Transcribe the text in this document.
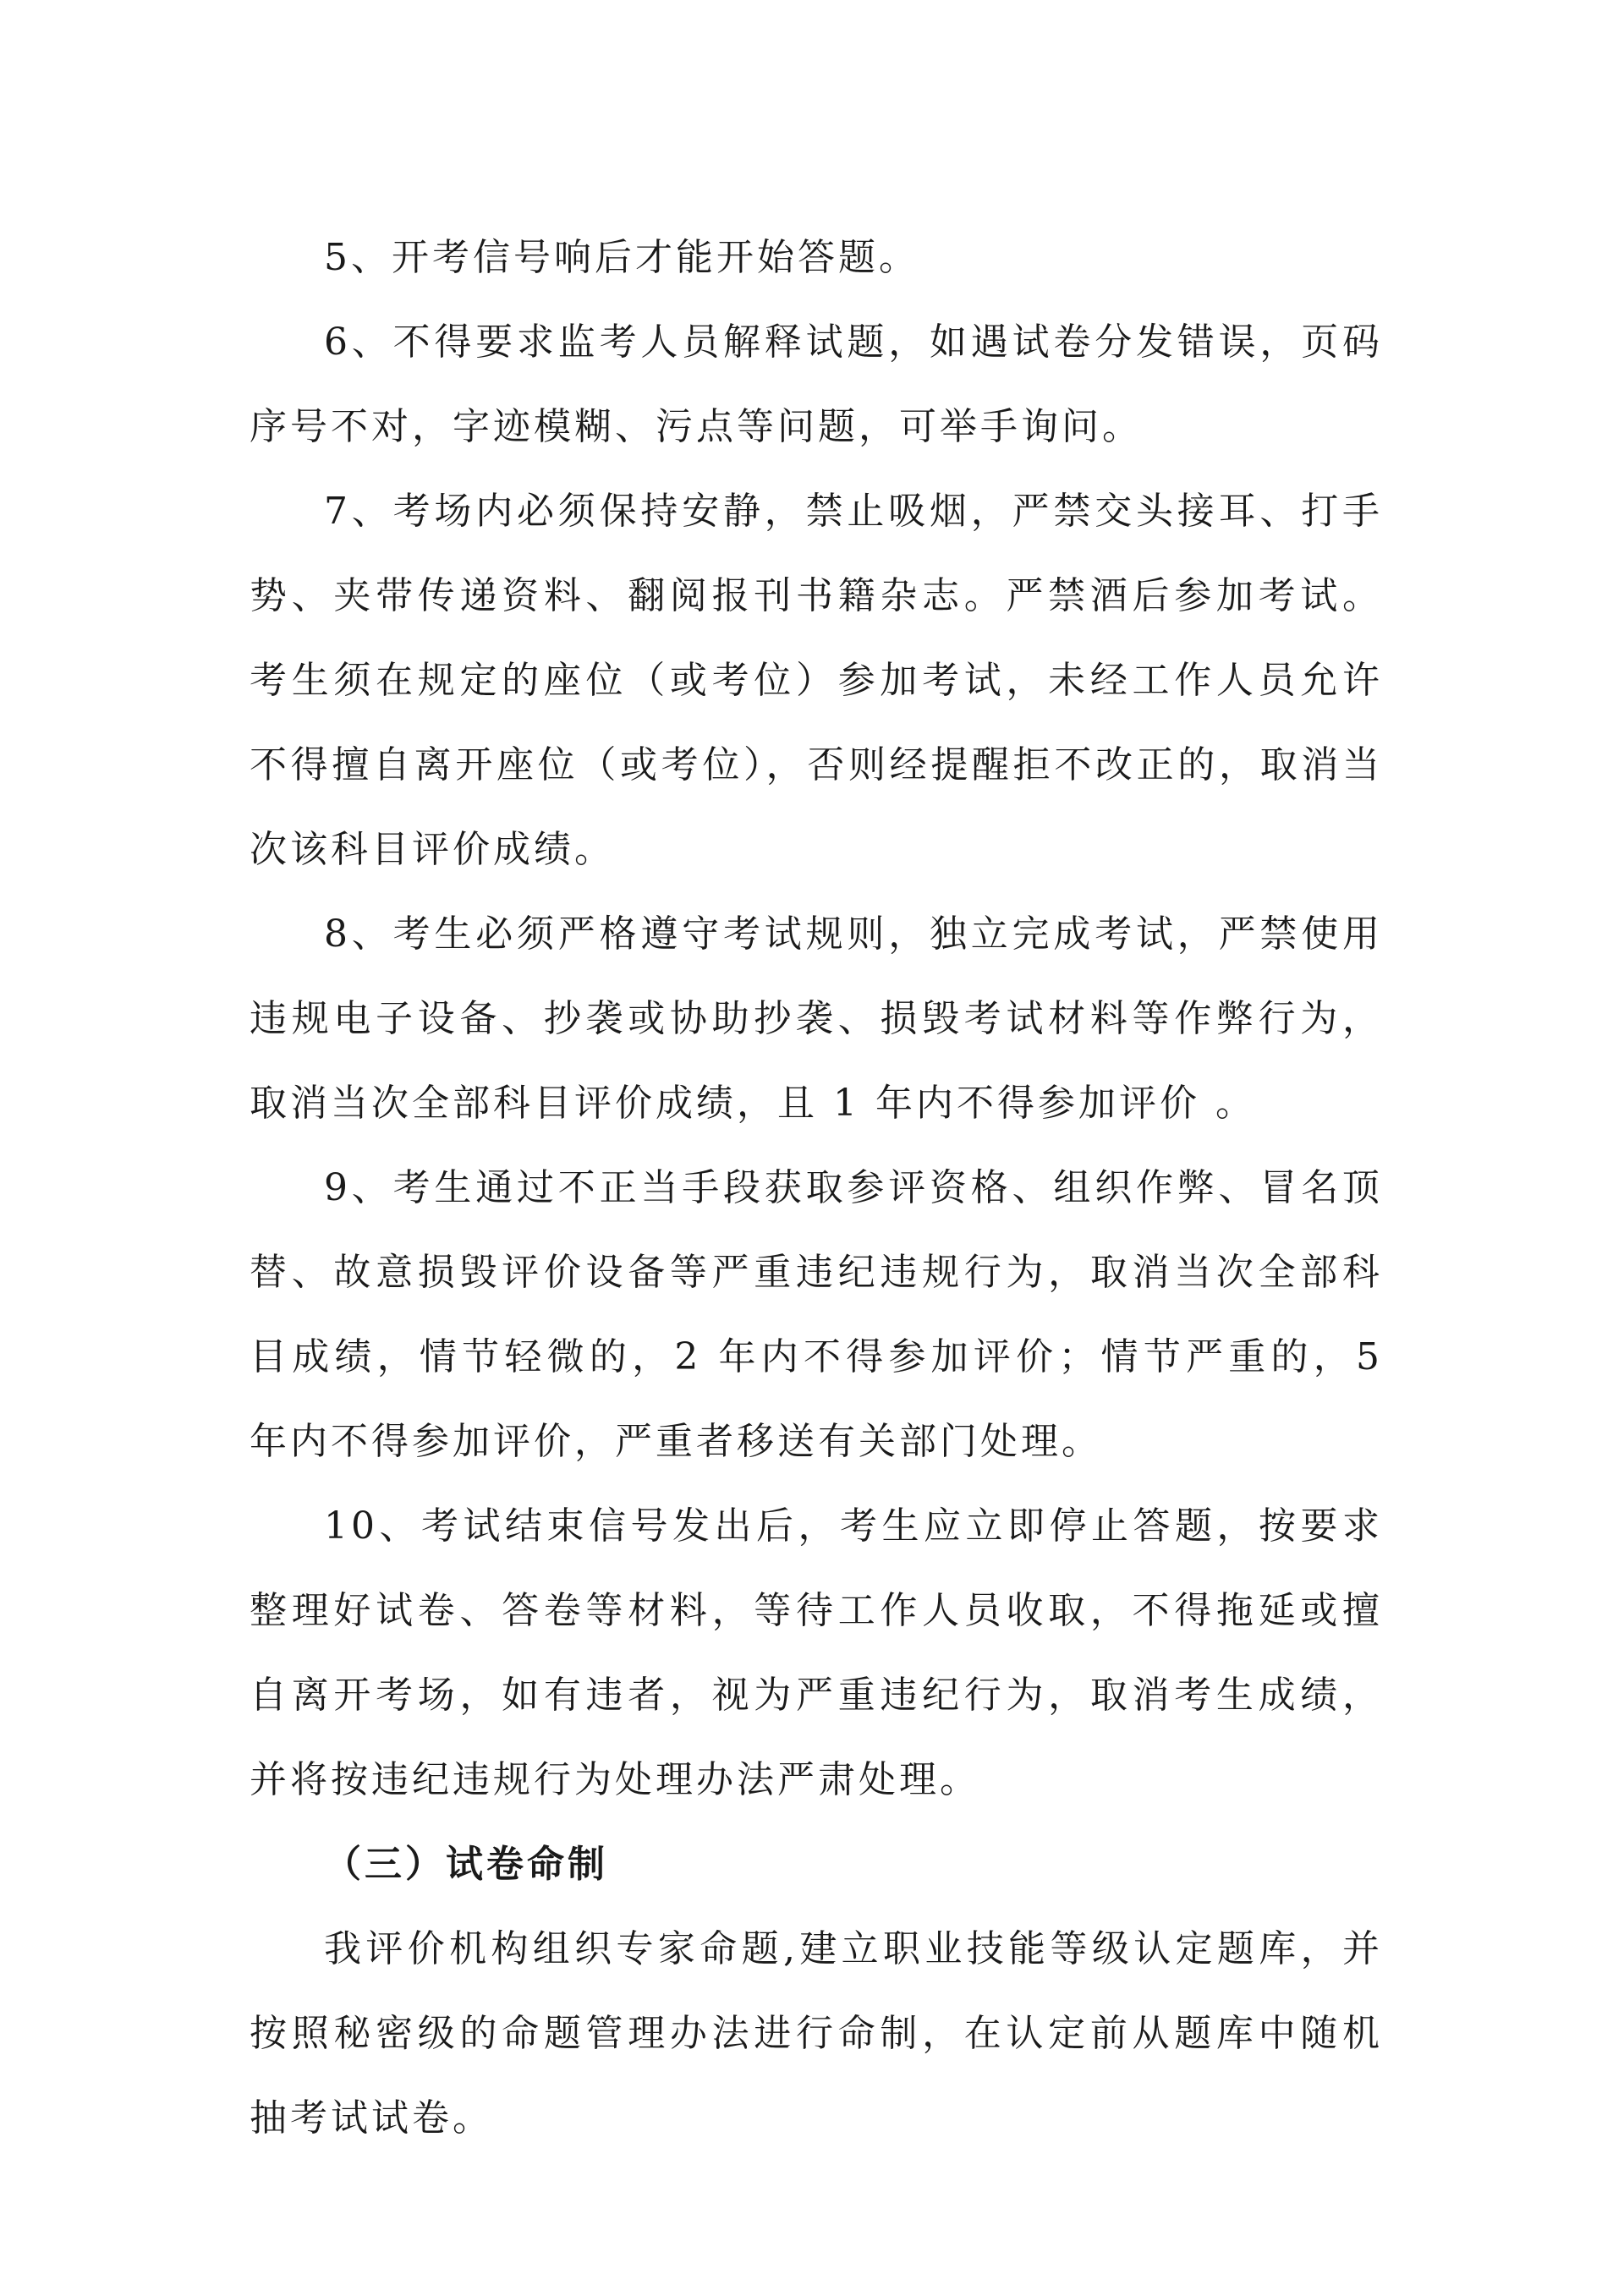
5、开考信号响后才能开始答题。

6、不得要求监考人员解释试题，如遇试卷分发错误，页码序号不对，字迹模糊、污点等问题，可举手询问。

7、考场内必须保持安静，禁止吸烟，严禁交头接耳、打手势、夹带传递资料、翻阅报刊书籍杂志。严禁酒后参加考试。考生须在规定的座位（或考位）参加考试，未经工作人员允许不得擅自离开座位（或考位），否则经提醒拒不改正的，取消当次该科目评价成绩。

8、考生必须严格遵守考试规则，独立完成考试，严禁使用违规电子设备、抄袭或协助抄袭、损毁考试材料等作弊行为，取消当次全部科目评价成绩，且 1 年内不得参加评价 。

9、考生通过不正当手段获取参评资格、组织作弊、冒名顶替、故意损毁评价设备等严重违纪违规行为，取消当次全部科目成绩，情节轻微的，2 年内不得参加评价；情节严重的，5 年内不得参加评价，严重者移送有关部门处理。

10、考试结束信号发出后，考生应立即停止答题，按要求整理好试卷、答卷等材料，等待工作人员收取，不得拖延或擅自离开考场，如有违者，视为严重违纪行为，取消考生成绩，并将按违纪违规行为处理办法严肃处理。

（三）试卷命制

我评价机构组织专家命题,建立职业技能等级认定题库，并按照秘密级的命题管理办法进行命制，在认定前从题库中随机抽考试试卷。
